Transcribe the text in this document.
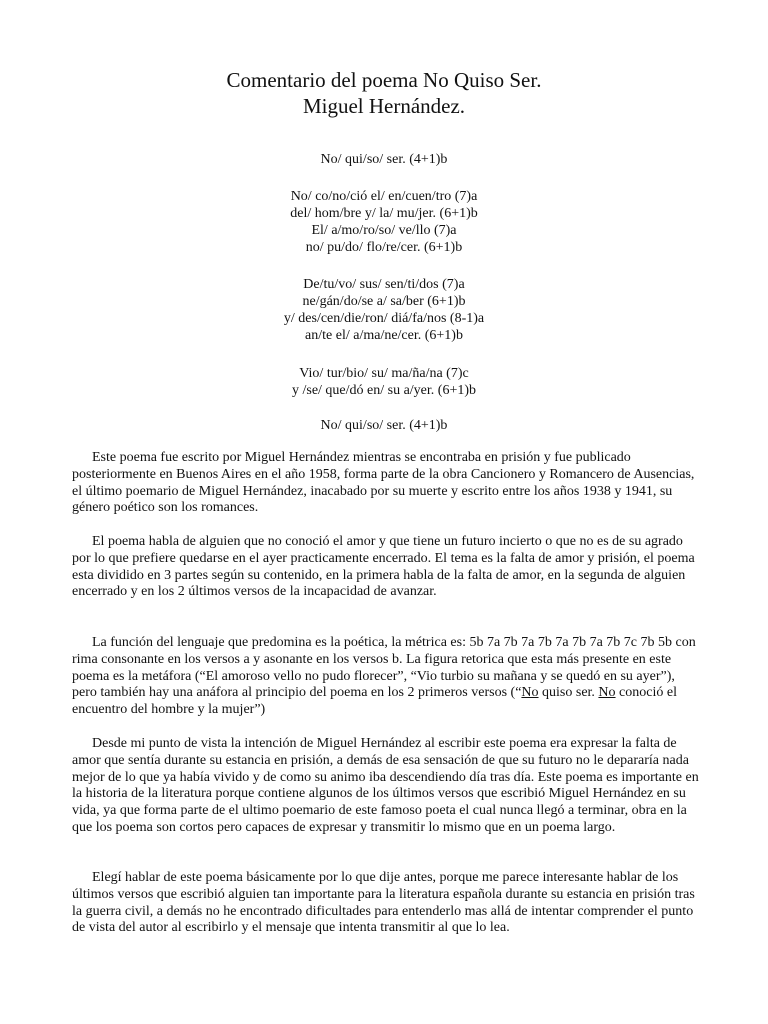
Comentario del poema No Quiso Ser.
Miguel Hernández.
No/ qui/so/ ser. (4+1)b
No/ co/no/ció el/ en/cuen/tro (7)a
del/ hom/bre y/ la/ mu/jer. (6+1)b
El/ a/mo/ro/so/ ve/llo (7)a
no/ pu/do/ flo/re/cer. (6+1)b
De/tu/vo/ sus/ sen/ti/dos (7)a
ne/gán/do/se a/ sa/ber (6+1)b
y/ des/cen/die/ron/ diá/fa/nos (8-1)a
an/te el/ a/ma/ne/cer. (6+1)b
Vio/ tur/bio/ su/ ma/ña/na (7)c
y /se/ que/dó en/ su a/yer. (6+1)b
No/ qui/so/ ser. (4+1)b

Este poema fue escrito por Miguel Hernández mientras se encontraba en prisión y fue publicado posteriormente en Buenos Aires en el año 1958, forma parte de la obra Cancionero y Romancero de Ausencias, el último poemario de Miguel Hernández, inacabado por su muerte y escrito entre los años 1938 y 1941, su género poético son los romances.

El poema habla de alguien que no conoció el amor y que tiene un futuro incierto o que no es de su agrado por lo que prefiere quedarse en el ayer practicamente encerrado. El tema es la falta de amor y prisión, el poema esta dividido en 3 partes según su contenido, en la primera habla de la falta de amor, en la segunda de alguien encerrado y en los 2 últimos versos de la incapacidad de avanzar.

La función del lenguaje que predomina es la poética, la métrica es: 5b 7a 7b 7a 7b 7a 7b 7a 7b 7c 7b 5b con rima consonante en los versos a y asonante en los versos b. La figura retorica que esta más presente en este poema es la metáfora (“El amoroso vello no pudo florecer”, “Vio turbio su mañana y se quedó en su ayer”), pero también hay una anáfora al principio del poema en los 2 primeros versos (“No quiso ser. No conoció el encuentro del hombre y la mujer”)

Desde mi punto de vista la intención de Miguel Hernández al escribir este poema era expresar la falta de amor que sentía durante su estancia en prisión, a demás de esa sensación de que su futuro no le depararía nada mejor de lo que ya había vivido y de como su animo iba descendiendo día tras día. Este poema es importante en la historia de la literatura porque contiene algunos de los últimos versos que escribió Miguel Hernández en su vida, ya que forma parte de el ultimo poemario de este famoso poeta el cual nunca llegó a terminar, obra en la que los poema son cortos pero capaces de expresar y transmitir lo mismo que en un poema largo.

Elegí hablar de este poema básicamente por lo que dije antes, porque me parece interesante hablar de los últimos versos que escribió alguien tan importante para la literatura española durante su estancia en prisión tras la guerra civil, a demás no he encontrado dificultades para entenderlo mas allá de intentar comprender el punto de vista del autor al escribirlo y el mensaje que intenta transmitir al que lo lea.
